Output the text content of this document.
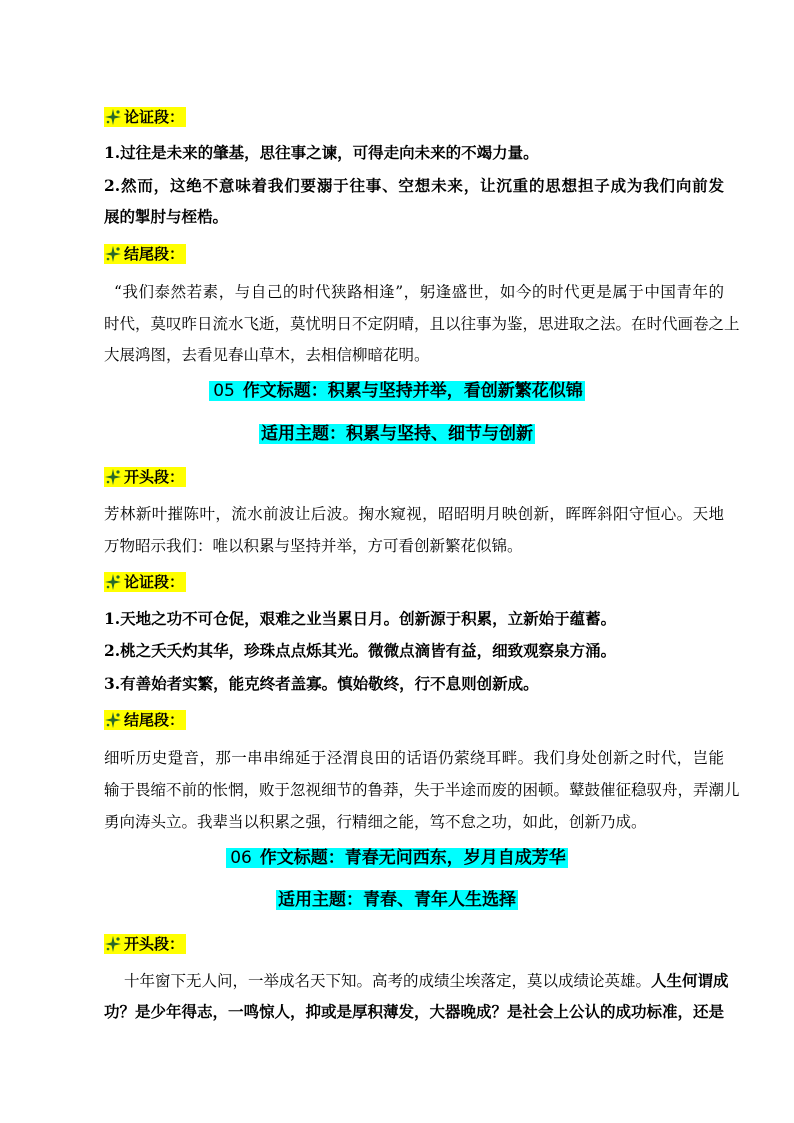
论证段：
1.过往是未来的肇基，思往事之谏，可得走向未来的不竭力量。
2.然而，这绝不意味着我们要溺于往事、空想未来，让沉重的思想担子成为我们向前发
展的掣肘与桎梏。
结尾段：
“我们泰然若素，与自己的时代狭路相逢”，躬逢盛世，如今的时代更是属于中国青年的
时代，莫叹昨日流水飞逝，莫忧明日不定阴晴，且以往事为鉴，思进取之法。在时代画卷之上
大展鸿图，去看见春山草木，去相信柳暗花明。
05 作文标题：积累与坚持并举，看创新繁花似锦
适用主题：积累与坚持、细节与创新
开头段：
芳林新叶摧陈叶，流水前波让后波。掬水窥视，昭昭明月映创新，晖晖斜阳守恒心。天地
万物昭示我们：唯以积累与坚持并举，方可看创新繁花似锦。
论证段：
1.天地之功不可仓促，艰难之业当累日月。创新源于积累，立新始于蕴蓄。
2.桃之夭夭灼其华，珍珠点点烁其光。微微点滴皆有益，细致观察泉方涌。
3.有善始者实繁，能克终者盖寡。慎始敬终，行不息则创新成。
结尾段：
细听历史跫音，那一串串绵延于泾渭良田的话语仍萦绕耳畔。我们身处创新之时代，岂能
输于畏缩不前的怅惘，败于忽视细节的鲁莽，失于半途而废的困顿。鼙鼓催征稳驭舟，弄潮儿
勇向涛头立。我辈当以积累之强，行精细之能，笃不怠之功，如此，创新乃成。
06 作文标题：青春无问西东，岁月自成芳华
适用主题：青春、青年人生选择
开头段：
十年窗下无人问，一举成名天下知。高考的成绩尘埃落定，莫以成绩论英雄。 人生何谓成
功？是少年得志，一鸣惊人，抑或是厚积薄发，大器晚成？是社会上公认的成功标准，还是
